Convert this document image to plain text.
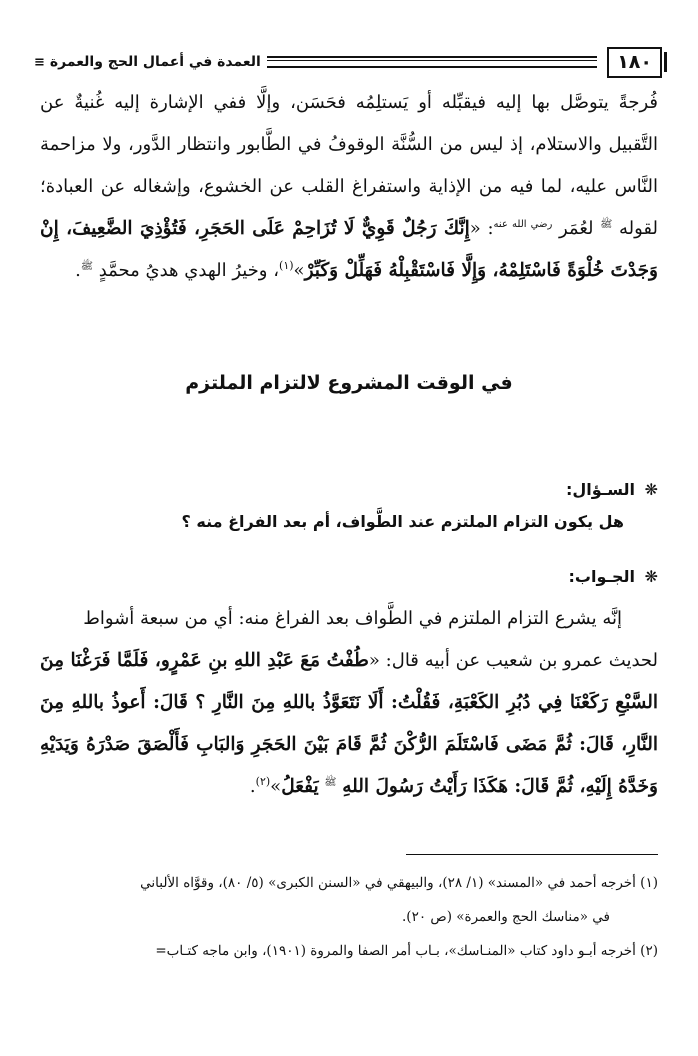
١٨٠
العمدة في أعمال الحج والعمرة
≡
فُرجةً يتوصَّل بها إليه فيقبِّله أو يَستلِمُه فحَسَن، وإلَّا ففي الإشارة إليه غُنيةٌ عن التَّقبيل والاستلام، إذ ليس من السُّنَّة الوقوفُ في الطَّابور وانتظار الدَّور، ولا مزاحمة النَّاس عليه، لما فيه من الإذاية واستفراغ القلب عن الخشوع، وإشغاله عن العبادة؛ لقوله $^ﷺ$ لعُمَر $^{رضي الله عنه}$: «إِنَّكَ رَجُلٌ قَوِيٌّ لَا تُزَاحِمْ عَلَى الحَجَرِ، فَتُؤْذِيَ الضَّعِيفَ، إِنْ وَجَدْتَ خُلْوَةً فَاسْتَلِمْهُ، وَإِلَّا فَاسْتَقْبِلْهُ فَهَلِّلْ وَكَبِّرْ»$^{(١)}$، وخيرُ الهدي هديُ محمَّدٍ $^ﷺ$.
في الوقت المشروع لالتزام الملتزم
❋ السـؤال:
هل يكون التزام الملتزم عند الطَّواف، أم بعد الفراغ منه ؟
❋ الجـواب:
إنَّه يشرع التزام الملتزم في الطَّواف بعد الفراغ منه: أي من سبعة أشواط
لحديث عمرو بن شعيب عن أبيه قال: «طُفْتُ مَعَ عَبْدِ اللهِ بنِ عَمْرٍو، فَلَمَّا فَرَغْنَا مِنَ السَّبْعِ رَكَعْنَا فِي دُبُرِ الكَعْبَةِ، فَقُلْتُ: أَلَا نَتَعَوَّذُ باللهِ مِنَ النَّارِ ؟ قَالَ: أَعوذُ باللهِ مِنَ النَّارِ، قَالَ: ثُمَّ مَضَى فَاسْتَلَمَ الرُّكْنَ ثُمَّ قَامَ بَيْنَ الحَجَرِ وَالبَابِ فَأَلْصَقَ صَدْرَهُ وَيَدَيْهِ وَخَدَّهُ إِلَيْهِ، ثُمَّ قَالَ: هَكَذَا رَأَيْتُ رَسُولَ اللهِ $^ﷺ$ يَفْعَلُ»$^{(٢)}$.

(١) أخرجه أحمد في «المسند» (١/ ٢٨)، والبيهقي في «السنن الكبرى» (٥/ ٨٠)، وقوَّاه الألباني

في «مناسك الحج والعمرة» (ص ٢٠).

(٢) أخرجه أبـو داود كتاب «المنـاسك»، بـاب أمر الصفا والمروة (١٩٠١)، وابن ماجه كتـاب=
